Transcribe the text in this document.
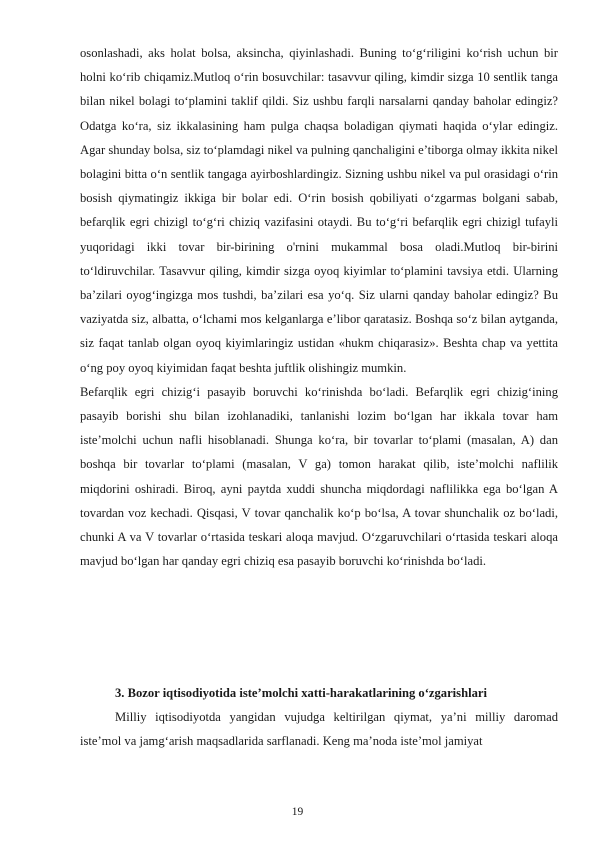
osonlashadi, aks holat bolsa, aksincha, qiyinlashadi. Buning to‘g‘riligini ko‘rish uchun bir holni ko‘rib chiqamiz.Mutloq o‘rin bosuvchilar: tasavvur qiling, kimdir sizga 10 sentlik tanga bilan nikel bolagi to‘plamini taklif qildi. Siz ushbu farqli narsalarni qanday baholar edingiz? Odatga ko‘ra, siz ikkalasining ham pulga chaqsa boladigan qiymati haqida o‘ylar edingiz. Agar shunday bolsa, siz to‘plamdagi nikel va pulning qanchaligini e’tiborga olmay ikkita nikel bolagini bitta o‘n sentlik tangaga ayirboshlardingiz. Sizning ushbu nikel va pul orasidagi o‘rin bosish qiymatingiz ikkiga bir bolar edi. O‘rin bosish qobiliyati o‘zgarmas bolgani sabab, befarqlik egri chizigl to‘g‘ri chiziq vazifasini otaydi. Bu to‘g‘ri befarqlik egri chizigl tufayli yuqoridagi ikki tovar bir-birining o'rnini mukammal bosa oladi.Mutloq bir-birini to‘ldiruvchilar. Tasavvur qiling, kimdir sizga oyoq kiyimlar to‘plamini tavsiya etdi. Ularning ba’zilari oyog‘ingizga mos tushdi, ba’zilari esa yo‘q. Siz ularni qanday baholar edingiz? Bu vaziyatda siz, albatta, o‘lchami mos kelganlarga e’libor qaratasiz. Boshqa so‘z bilan aytganda, siz faqat tanlab olgan oyoq kiyimlaringiz ustidan «hukm chiqarasiz». Beshta chap va yettita o‘ng poy oyoq kiyimidan faqat beshta juftlik olishingiz mumkin.

Befarqlik egri chizig‘i pasayib boruvchi ko‘rinishda bo‘ladi. Befarqlik egri chizig‘ining pasayib borishi shu bilan izohlanadiki, tanlanishi lozim bo‘lgan har ikkala tovar ham iste’molchi uchun nafli hisoblanadi. Shunga ko‘ra, bir tovarlar to‘plami (masalan, A) dan boshqa bir tovarlar to‘plami (masalan, V ga) tomon harakat qilib, iste’molchi naflilik miqdorini oshiradi. Biroq, ayni paytda xuddi shuncha miqdordagi naflilikka ega bo‘lgan A tovardan voz kechadi. Qisqasi, V tovar qanchalik ko‘p bo‘lsa, A tovar shunchalik oz bo‘ladi, chunki A va V tovarlar o‘rtasida teskari aloqa mavjud. O‘zgaruvchilari o‘rtasida teskari aloqa mavjud bo‘lgan har qanday egri chiziq esa pasayib boruvchi ko‘rinishda bo‘ladi.

3. Bozor iqtisodiyotida iste’molchi xatti-harakatlarining o‘zgarishlari

Milliy iqtisodiyotda yangidan vujudga keltirilgan qiymat, ya’ni milliy daromad iste’mol va jamg‘arish maqsadlarida sarflanadi. Keng ma’noda iste’mol jamiyat

19
